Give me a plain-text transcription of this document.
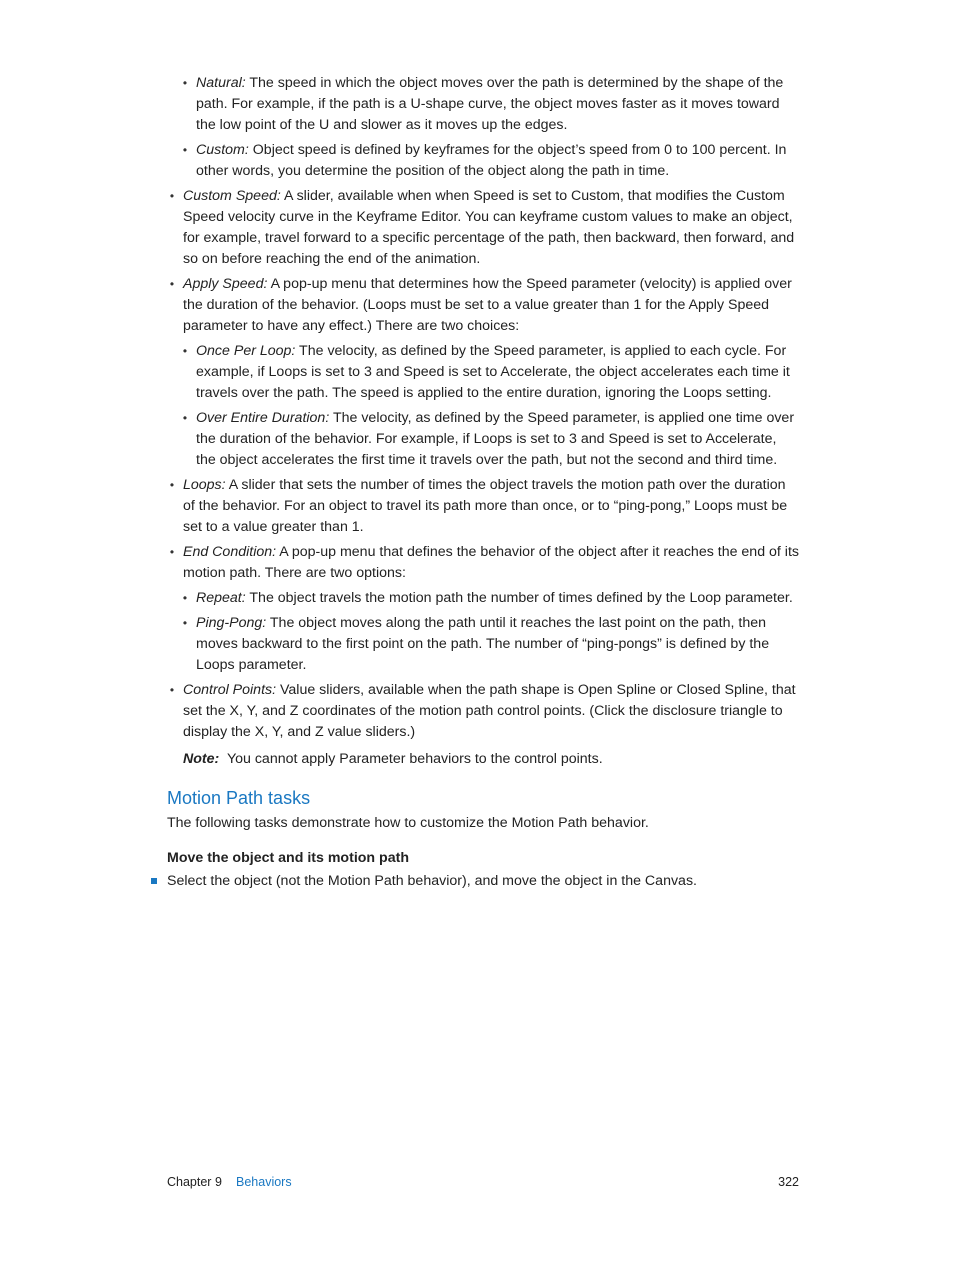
• Natural: The speed in which the object moves over the path is determined by the shape of the path. For example, if the path is a U-shape curve, the object moves faster as it moves toward the low point of the U and slower as it moves up the edges.
• Custom: Object speed is defined by keyframes for the object’s speed from 0 to 100 percent. In other words, you determine the position of the object along the path in time.
• Custom Speed: A slider, available when when Speed is set to Custom, that modifies the Custom Speed velocity curve in the Keyframe Editor. You can keyframe custom values to make an object, for example, travel forward to a specific percentage of the path, then backward, then forward, and so on before reaching the end of the animation.
• Apply Speed: A pop-up menu that determines how the Speed parameter (velocity) is applied over the duration of the behavior. (Loops must be set to a value greater than 1 for the Apply Speed parameter to have any effect.) There are two choices:
• Once Per Loop: The velocity, as defined by the Speed parameter, is applied to each cycle. For example, if Loops is set to 3 and Speed is set to Accelerate, the object accelerates each time it travels over the path. The speed is applied to the entire duration, ignoring the Loops setting.
• Over Entire Duration: The velocity, as defined by the Speed parameter, is applied one time over the duration of the behavior. For example, if Loops is set to 3 and Speed is set to Accelerate, the object accelerates the first time it travels over the path, but not the second and third time.
• Loops: A slider that sets the number of times the object travels the motion path over the duration of the behavior. For an object to travel its path more than once, or to “ping-pong,” Loops must be set to a value greater than 1.
• End Condition: A pop-up menu that defines the behavior of the object after it reaches the end of its motion path. There are two options:
• Repeat: The object travels the motion path the number of times defined by the Loop parameter.
• Ping-Pong: The object moves along the path until it reaches the last point on the path, then moves backward to the first point on the path. The number of “ping-pongs” is defined by the Loops parameter.
• Control Points: Value sliders, available when the path shape is Open Spline or Closed Spline, that set the X, Y, and Z coordinates of the motion path control points. (Click the disclosure triangle to display the X, Y, and Z value sliders.)

Note: You cannot apply Parameter behaviors to the control points.

Motion Path tasks

The following tasks demonstrate how to customize the Motion Path behavior.

Move the object and its motion path
Select the object (not the Motion Path behavior), and move the object in the Canvas.
Chapter 9 Behaviors	322
